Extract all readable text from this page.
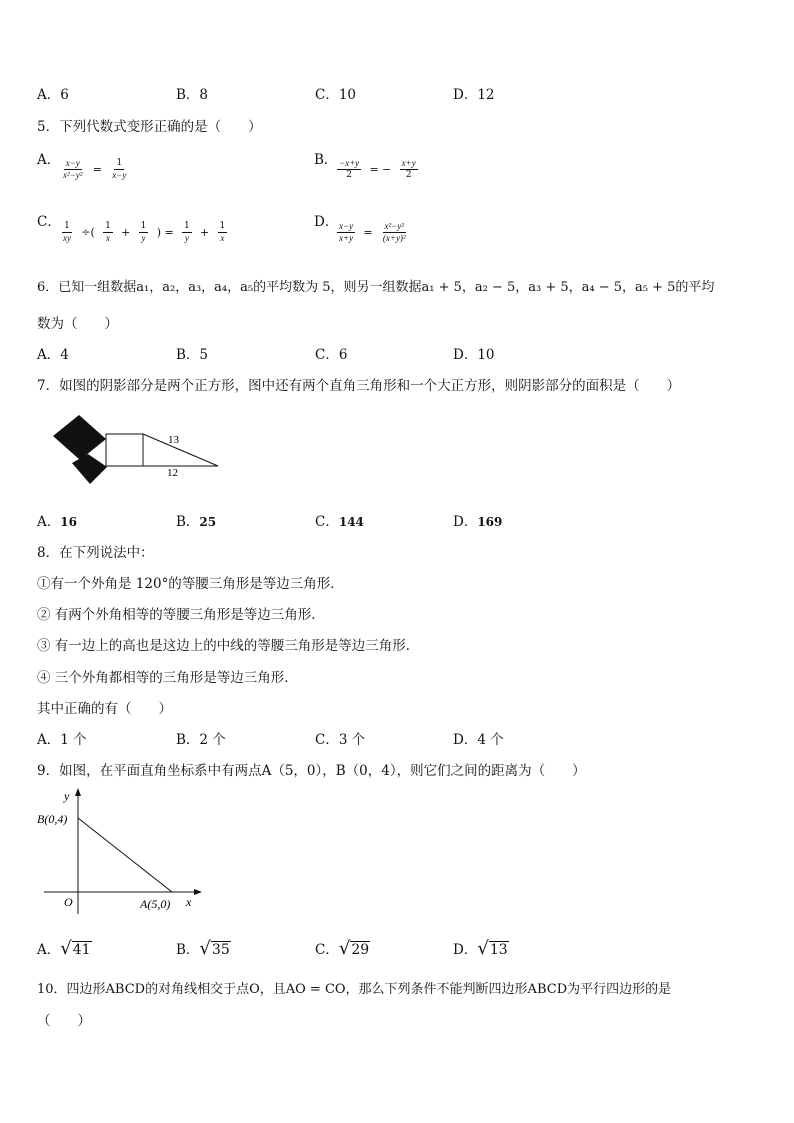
A．6	B．8	C．10	D．12
5．下列代数式变形正确的是（　　）
A． $\frac{x-y}{\text{x²−y²}} = \frac{1}{x-y}$	B． $\frac{-x+y}{2}$ = − $\frac{x+y}{2}$
C． $\frac{1}{xy}$ ÷( $\frac{1}{x} + \frac{1}{y}$ ) = $\frac{1}{y} + \frac{1}{x}$	D．
$\frac{x-y}{x+y} = \frac{\text{x²−y²}}{\text{(x+y)²}}$
6．已知一组数据a₁，a₂，a₃，a₄，a₅的平均数为 5，则另一组数据a₁ + 5，a₂ − 5，a₃ + 5，a₄ − 5，a₅ + 5的平均
数为（　　）
A．4	B．5	C．6	D．10
7．如图的阴影部分是两个正方形，图中还有两个直角三角形和一个大正方形，则阴影部分的面积是（　　）
13
12
A．16	B．25	C．144	D．169
8．在下列说法中：
①有一个外角是 120°的等腰三角形是等边三角形．
② 有两个外角相等的等腰三角形是等边三角形．
③ 有一边上的高也是这边上的中线的等腰三角形是等边三角形．
④ 三个外角都相等的三角形是等边三角形．
其中正确的有（　　）
A．1 个	B．2 个	C．3 个	D．4 个
9．如图，在平面直角坐标系中有两点A（5，0），B（0，4），则它们之间的距离为（　　）
y
x
O
B(0,4)
A(5,0)
A． √ 41	B． √ 35	C． √ 29	D． √ 13
10．四边形ABCD的对角线相交于点O，且AO = CO，那么下列条件不能判断四边形ABCD为平行四边形的是
（　　）
